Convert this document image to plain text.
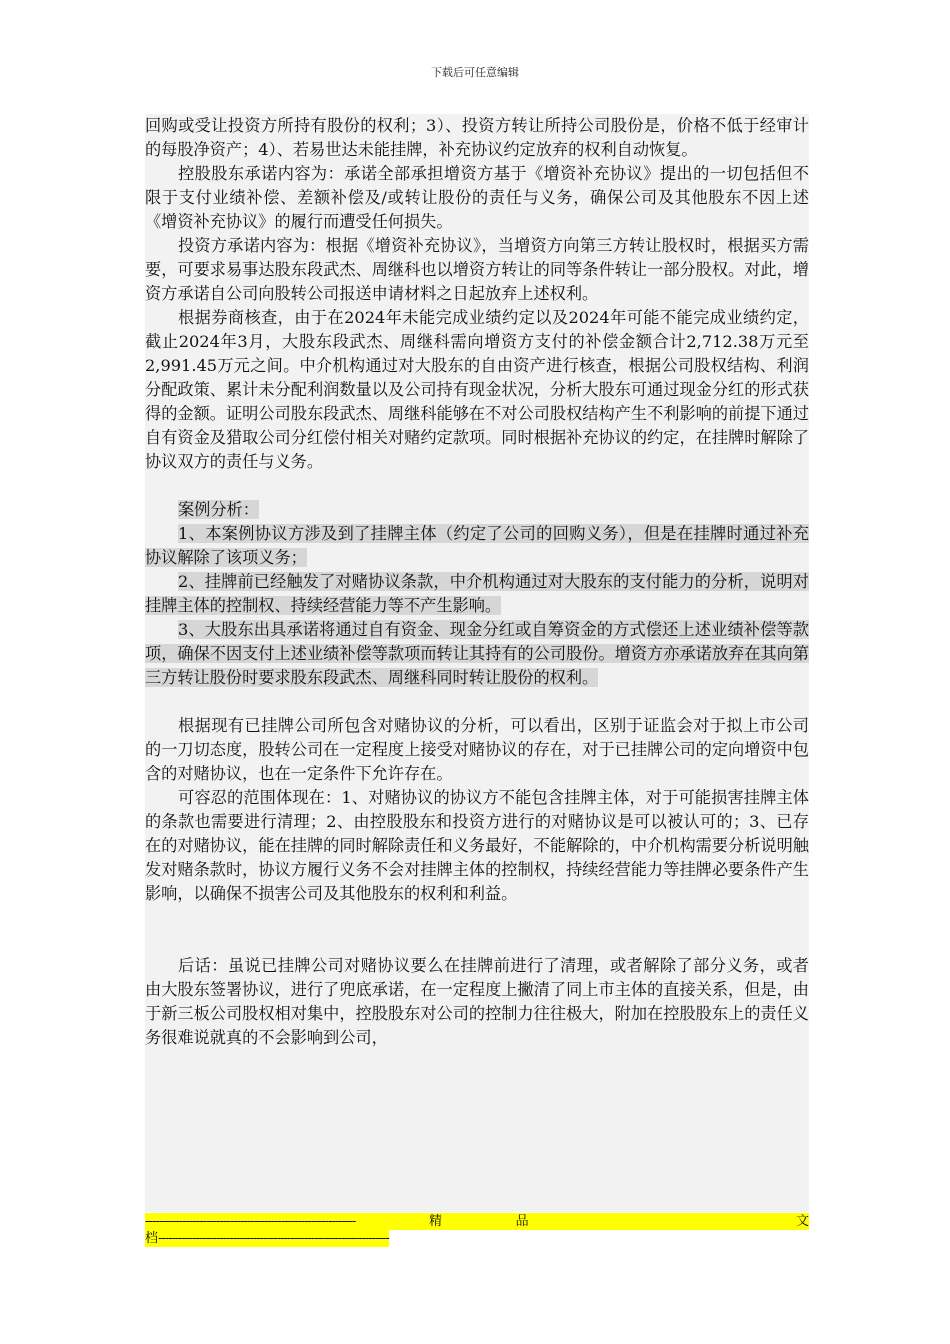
下载后可任意编辑

回购或受让投资方所持有股份的权利；3）、投资方转让所持公司股份是，价格不低于经审计的每股净资产；4）、若易世达未能挂牌，补充协议约定放弃的权利自动恢复。

控股股东承诺内容为：承诺全部承担增资方基于《增资补充协议》提出的一切包括但不限于支付业绩补偿、差额补偿及/或转让股份的责任与义务，确保公司及其他股东不因上述《增资补充协议》的履行而遭受任何损失。

投资方承诺内容为：根据《增资补充协议》，当增资方向第三方转让股权时，根据买方需要，可要求易事达股东段武杰、周继科也以增资方转让的同等条件转让一部分股权。对此，增资方承诺自公司向股转公司报送申请材料之日起放弃上述权利。

根据券商核查，由于在2024年未能完成业绩约定以及2024年可能不能完成业绩约定，截止2024年3月，大股东段武杰、周继科需向增资方支付的补偿金额合计2,712.38万元至2,991.45万元之间。中介机构通过对大股东的自由资产进行核查，根据公司股权结构、利润分配政策、累计未分配利润数量以及公司持有现金状况，分析大股东可通过现金分红的形式获得的金额。证明公司股东段武杰、周继科能够在不对公司股权结构产生不利影响的前提下通过自有资金及猎取公司分红偿付相关对赌约定款项。同时根据补充协议的约定，在挂牌时解除了协议双方的责任与义务。

案例分析：

1、本案例协议方涉及到了挂牌主体（约定了公司的回购义务），但是在挂牌时通过补充协议解除了该项义务；

2、挂牌前已经触发了对赌协议条款，中介机构通过对大股东的支付能力的分析，说明对挂牌主体的控制权、持续经营能力等不产生影响。

3、大股东出具承诺将通过自有资金、现金分红或自筹资金的方式偿还上述业绩补偿等款项，确保不因支付上述业绩补偿等款项而转让其持有的公司股份。增资方亦承诺放弃在其向第三方转让股份时要求股东段武杰、周继科同时转让股份的权利。

根据现有已挂牌公司所包含对赌协议的分析，可以看出，区别于证监会对于拟上市公司的一刀切态度，股转公司在一定程度上接受对赌协议的存在，对于已挂牌公司的定向增资中包含的对赌协议，也在一定条件下允许存在。

可容忍的范围体现在：1、对赌协议的协议方不能包含挂牌主体，对于可能损害挂牌主体的条款也需要进行清理；2、由控股股东和投资方进行的对赌协议是可以被认可的；3、已存在的对赌协议，能在挂牌的同时解除责任和义务最好，不能解除的，中介机构需要分析说明触发对赌条款时，协议方履行义务不会对挂牌主体的控制权，持续经营能力等挂牌必要条件产生影响，以确保不损害公司及其他股东的权利和利益。

后话：虽说已挂牌公司对赌协议要么在挂牌前进行了清理，或者解除了部分义务，或者由大股东签署协议，进行了兜底承诺，在一定程度上撇清了同上市主体的直接关系，但是，由于新三板公司股权相对集中，控股股东对公司的控制力往往极大，附加在控股股东上的责任义务很难说就真的不会影响到公司，

--------------------------------------------------------------	精	品	文
档--------------------------------------------------------------------
